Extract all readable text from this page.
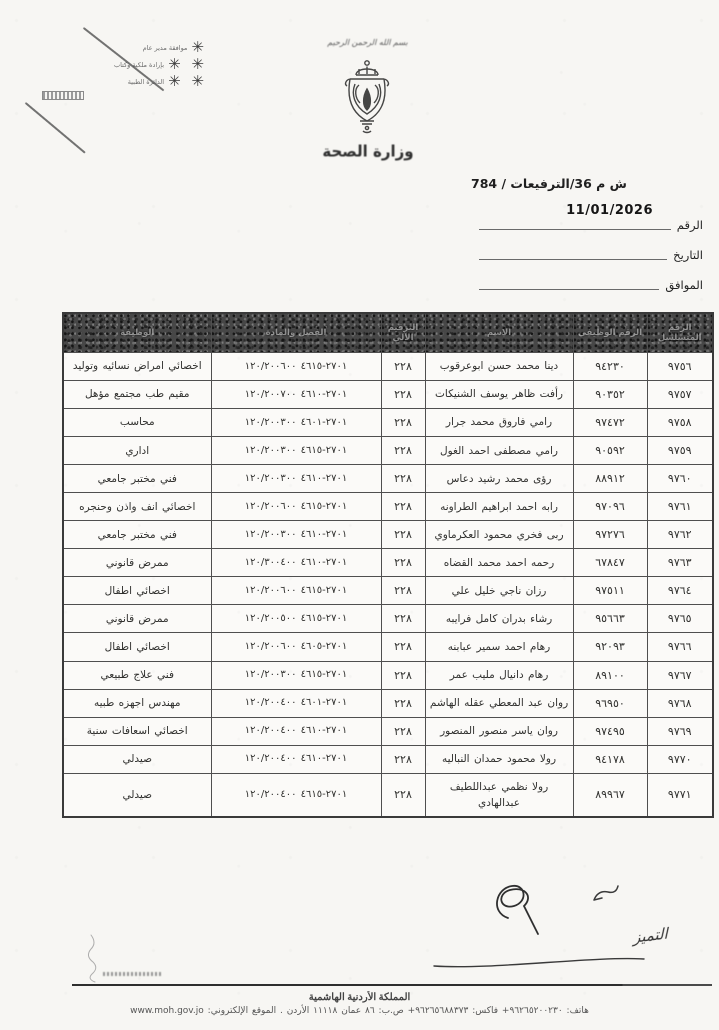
موافقة مدير عام ✳
بإرادة ملكية وكتاب ✳ ✳
الدائرة الطبية ✳ ✳
بسم الله الرحمن الرحيم
وزارة الصحة
ش م 36/الترفيعات / 784
11/01/2026
الرقم
التاريخ
الموافق
الرقم المتسلسل	الرقم الوظيفي	الاسم	الترقيم الآلي	الفصل والمادة	الوظيفة
٩٧٥٦	٩٤٢٣٠	دينا محمد حسن ابوعرقوب	٢٢٨	٢٧٠١-٤٦١٥ ١٢٠/٢٠٠٦٠٠	اخصائي امراض نسائيه وتوليد
٩٧٥٧	٩٠٣٥٢	رأفت ظاهر يوسف الشنيكات	٢٢٨	٢٧٠١-٤٦١٠ ١٢٠/٢٠٠٧٠٠	مقيم طب مجتمع مؤهل
٩٧٥٨	٩٧٤٧٢	رامي فاروق محمد جرار	٢٢٨	٢٧٠١-٤٦٠١ ١٢٠/٢٠٠٣٠٠	محاسب
٩٧٥٩	٩٠٥٩٢	رامي مصطفى احمد الغول	٢٢٨	٢٧٠١-٤٦١٥ ١٢٠/٢٠٠٣٠٠	اداري
٩٧٦٠	٨٨٩١٢	رؤى محمد رشيد دعاس	٢٢٨	٢٧٠١-٤٦١٠ ١٢٠/٢٠٠٣٠٠	فني مختبر جامعي
٩٧٦١	٩٧٠٩٦	رابه احمد ابراهيم الطراونه	٢٢٨	٢٧٠١-٤٦١٥ ١٢٠/٢٠٠٦٠٠	اخصائي انف واذن وحنجره
٩٧٦٢	٩٧٢٧٦	ربى فخري محمود العكرماوي	٢٢٨	٢٧٠١-٤٦١٠ ١٢٠/٢٠٠٣٠٠	فني مختبر جامعي
٩٧٦٣	٦٧٨٤٧	رحمه احمد محمد القضاه	٢٢٨	٢٧٠١-٤٦١٠ ١٢٠/٣٠٠٤٠٠	ممرض قانوني
٩٧٦٤	٩٧٥١١	رزان ناجي خليل علي	٢٢٨	٢٧٠١-٤٦١٥ ١٢٠/٢٠٠٦٠٠	اخصائي اطفال
٩٧٦٥	٩٥٦٦٣	رشاء بدران كامل فرايبه	٢٢٨	٢٧٠١-٤٦١٥ ١٢٠/٢٠٠٥٠٠	ممرض قانوني
٩٧٦٦	٩٢٠٩٣	رهام احمد سمير عبابنه	٢٢٨	٢٧٠١-٤٦٠٥ ١٢٠/٢٠٠٦٠٠	اخصائي اطفال
٩٧٦٧	٨٩١٠٠	رهام دانيال مليب عمر	٢٢٨	٢٧٠١-٤٦١٥ ١٢٠/٢٠٠٣٠٠	فني علاج طبيعي
٩٧٦٨	٩٦٩٥٠	روان عبد المعطي عقله الهاشم	٢٢٨	٢٧٠١-٤٦٠١ ١٢٠/٢٠٠٤٠٠	مهندس اجهزه طبيه
٩٧٦٩	٩٧٤٩٥	روان ياسر منصور المنصور	٢٢٨	٢٧٠١-٤٦١٠ ١٢٠/٢٠٠٤٠٠	اخصائي اسعافات سنية
٩٧٧٠	٩٤١٧٨	رولا محمود حمدان النباليه	٢٢٨	٢٧٠١-٤٦١٠ ١٢٠/٢٠٠٤٠٠	صيدلي
٩٧٧١	٨٩٩٦٧	رولا نظمي عبداللطيف عبدالهادي	٢٢٨	٢٧٠١-٤٦١٥ ١٢٠/٢٠٠٤٠٠	صيدلي
التميز
المملكة الأردنية الهاشمية
هاتف: ٩٦٢٦٥٢٠٠٢٣٠+ فاكس: ٩٦٢٦٥٦٨٨٣٧٣+ ص.ب: ٨٦ عمان ١١١١٨ الأردن . الموقع الإلكتروني: www.moh.gov.jo
